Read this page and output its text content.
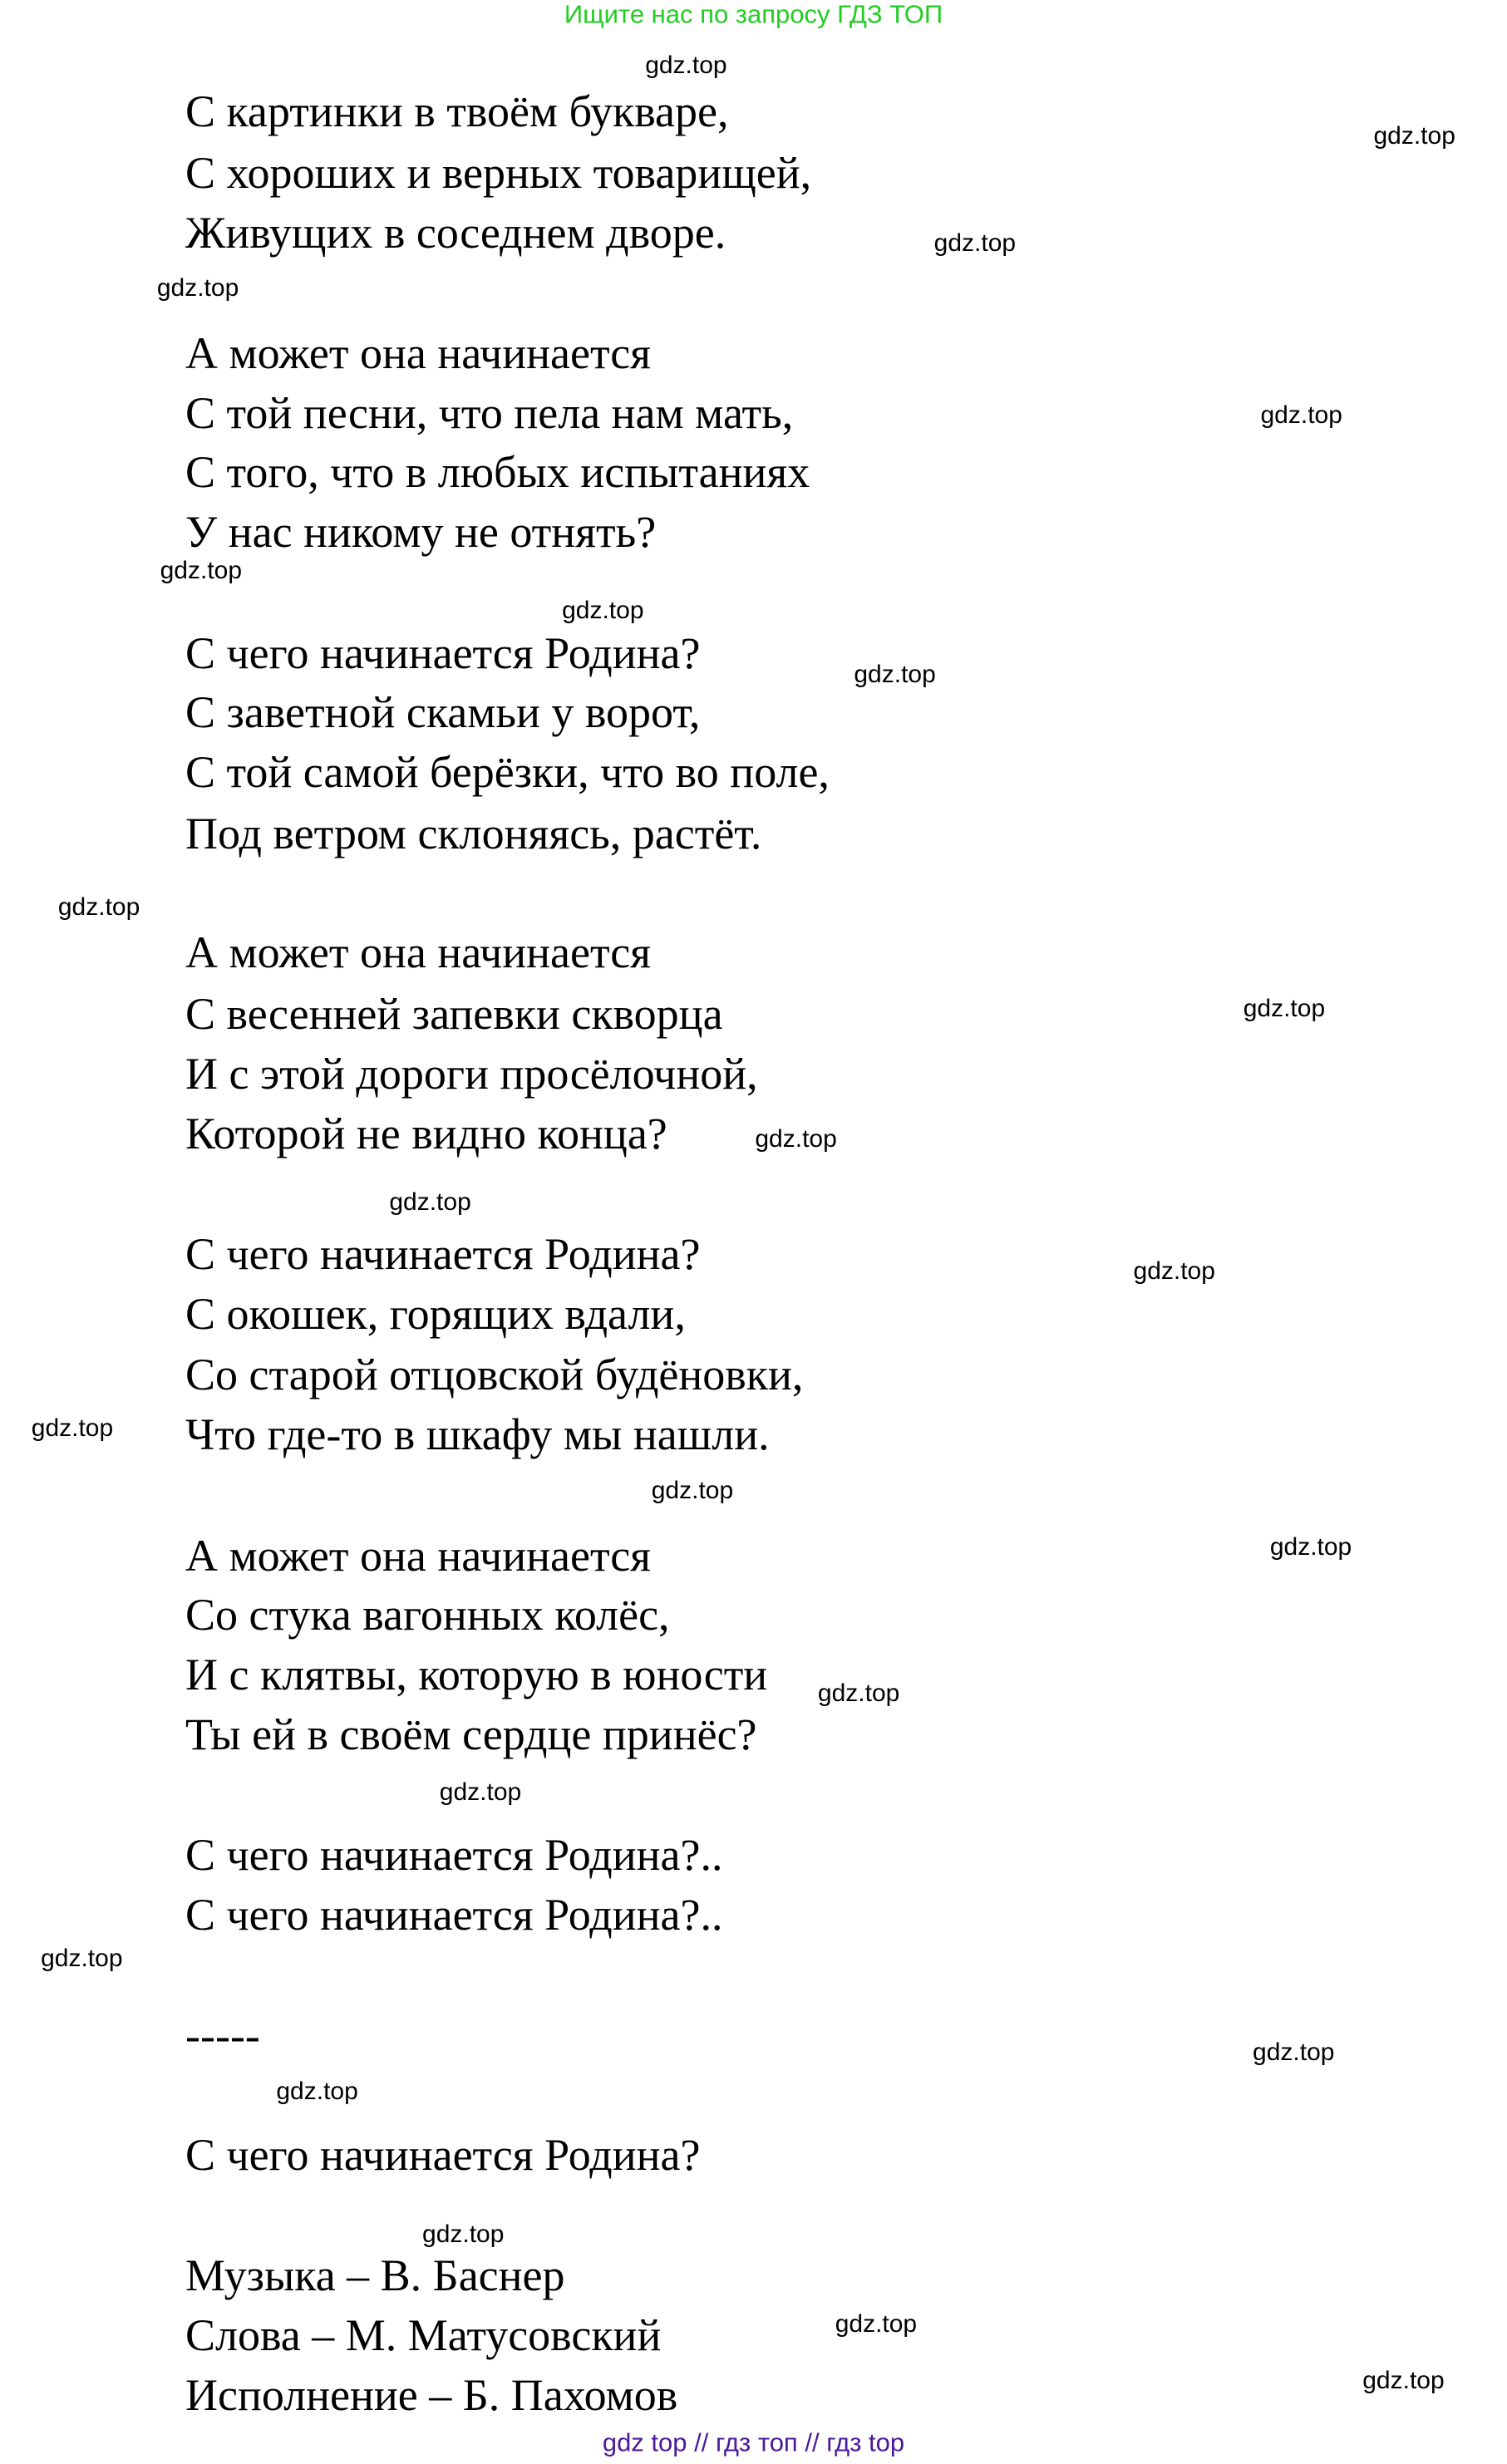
Ищите нас по запросу ГДЗ ТОП
С картинки в твоём букваре,
С хороших и верных товарищей,
Живущих в соседнем дворе.
А может она начинается
С той песни, что пела нам мать,
С того, что в любых испытаниях
У нас никому не отнять?
С чего начинается Родина?
С заветной скамьи у ворот,
С той самой берёзки, что во поле,
Под ветром склоняясь, растёт.
А может она начинается
С весенней запевки скворца
И с этой дороги просёлочной,
Которой не видно конца?
С чего начинается Родина?
С окошек, горящих вдали,
Со старой отцовской будёновки,
Что где-то в шкафу мы нашли.
А может она начинается
Со стука вагонных колёс,
И с клятвы, которую в юности
Ты ей в своём сердце принёс?
С чего начинается Родина?..
С чего начинается Родина?..
-----
С чего начинается Родина?
Музыка – В. Баснер
Слова – М. Матусовский
Исполнение – Б. Пахомов
gdz.top
gdz.top
gdz.top
gdz.top
gdz.top
gdz.top
gdz.top
gdz.top
gdz.top
gdz.top
gdz.top
gdz.top
gdz.top
gdz.top
gdz.top
gdz.top
gdz.top
gdz.top
gdz.top
gdz.top
gdz.top
gdz.top
gdz.top
gdz.top
gdz top // гдз топ // гдз top
